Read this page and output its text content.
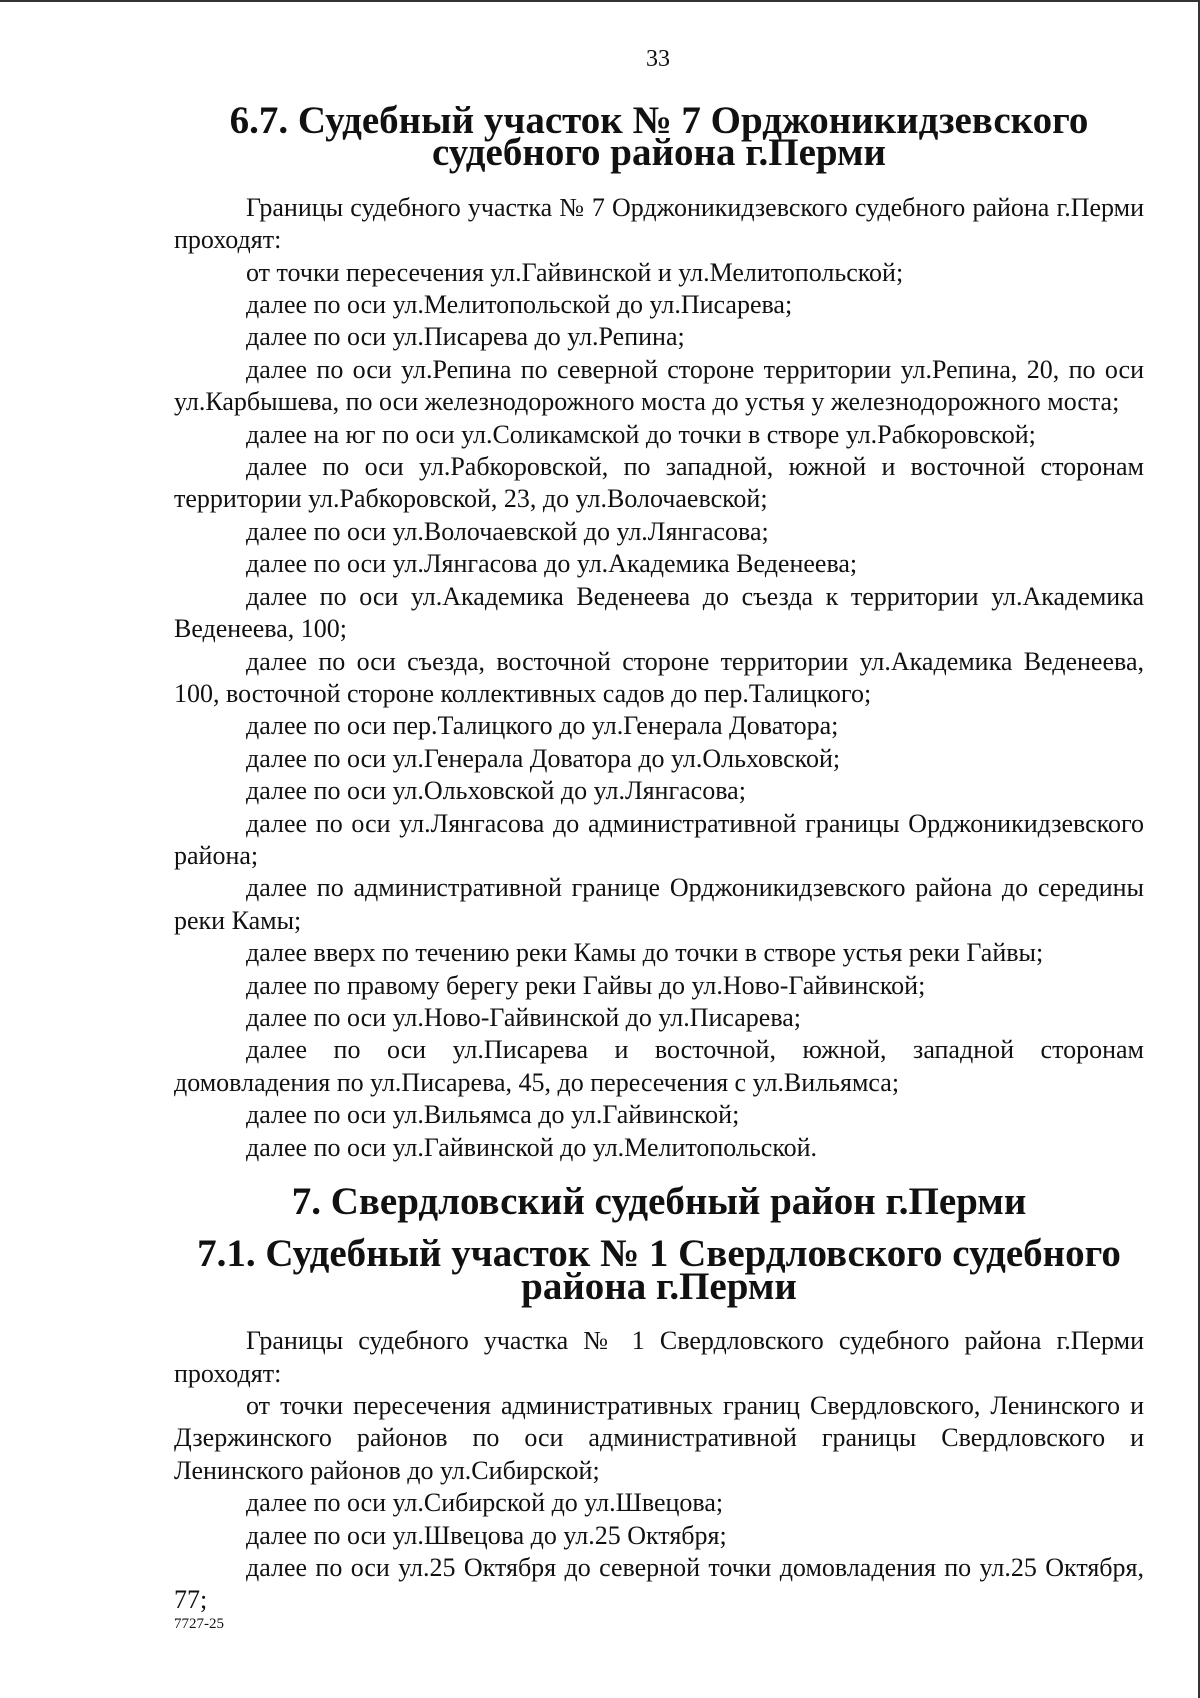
33
6.7. Судебный участок № 7 Орджоникидзевского судебного района г.Перми

Границы судебного участка № 7 Орджоникидзевского судебного района г.Перми проходят:

от точки пересечения ул.Гайвинской и ул.Мелитопольской;

далее по оси ул.Мелитопольской до ул.Писарева;

далее по оси ул.Писарева до ул.Репина;

далее по оси ул.Репина по северной стороне территории ул.Репина, 20, по оси ул.Карбышева, по оси железнодорожного моста до устья у железнодорожного моста;

далее на юг по оси ул.Соликамской до точки в створе ул.Рабкоровской;

далее по оси ул.Рабкоровской, по западной, южной и восточной сторонам территории ул.Рабкоровской, 23, до ул.Волочаевской;

далее по оси ул.Волочаевской до ул.Лянгасова;

далее по оси ул.Лянгасова до ул.Академика Веденеева;

далее по оси ул.Академика Веденеева до съезда к территории ул.Академика Веденеева, 100;

далее по оси съезда, восточной стороне территории ул.Академика Веденеева, 100, восточной стороне коллективных садов до пер.Талицкого;

далее по оси пер.Талицкого до ул.Генерала Доватора;

далее по оси ул.Генерала Доватора до ул.Ольховской;

далее по оси ул.Ольховской до ул.Лянгасова;

далее по оси ул.Лянгасова до административной границы Орджоникидзевского района;

далее по административной границе Орджоникидзевского района до середины реки Камы;

далее вверх по течению реки Камы до точки в створе устья реки Гайвы;

далее по правому берегу реки Гайвы до ул.Ново-Гайвинской;

далее по оси ул.Ново-Гайвинской до ул.Писарева;

далее по оси ул.Писарева и восточной, южной, западной сторонам домовладения по ул.Писарева, 45, до пересечения с ул.Вильямса;

далее по оси ул.Вильямса до ул.Гайвинской;

далее по оси ул.Гайвинской до ул.Мелитопольской.

7. Свердловский судебный район г.Перми
7.1. Судебный участок № 1 Свердловского судебного района г.Перми

Границы судебного участка № 1 Свердловского судебного района г.Перми проходят:

от точки пересечения административных границ Свердловского, Ленинского и Дзержинского районов по оси административной границы Свердловского и Ленинского районов до ул.Сибирской;

далее по оси ул.Сибирской до ул.Швецова;

далее по оси ул.Швецова до ул.25 Октября;

далее по оси ул.25 Октября до северной точки домовладения по ул.25 Октября, 77;

7727-25
